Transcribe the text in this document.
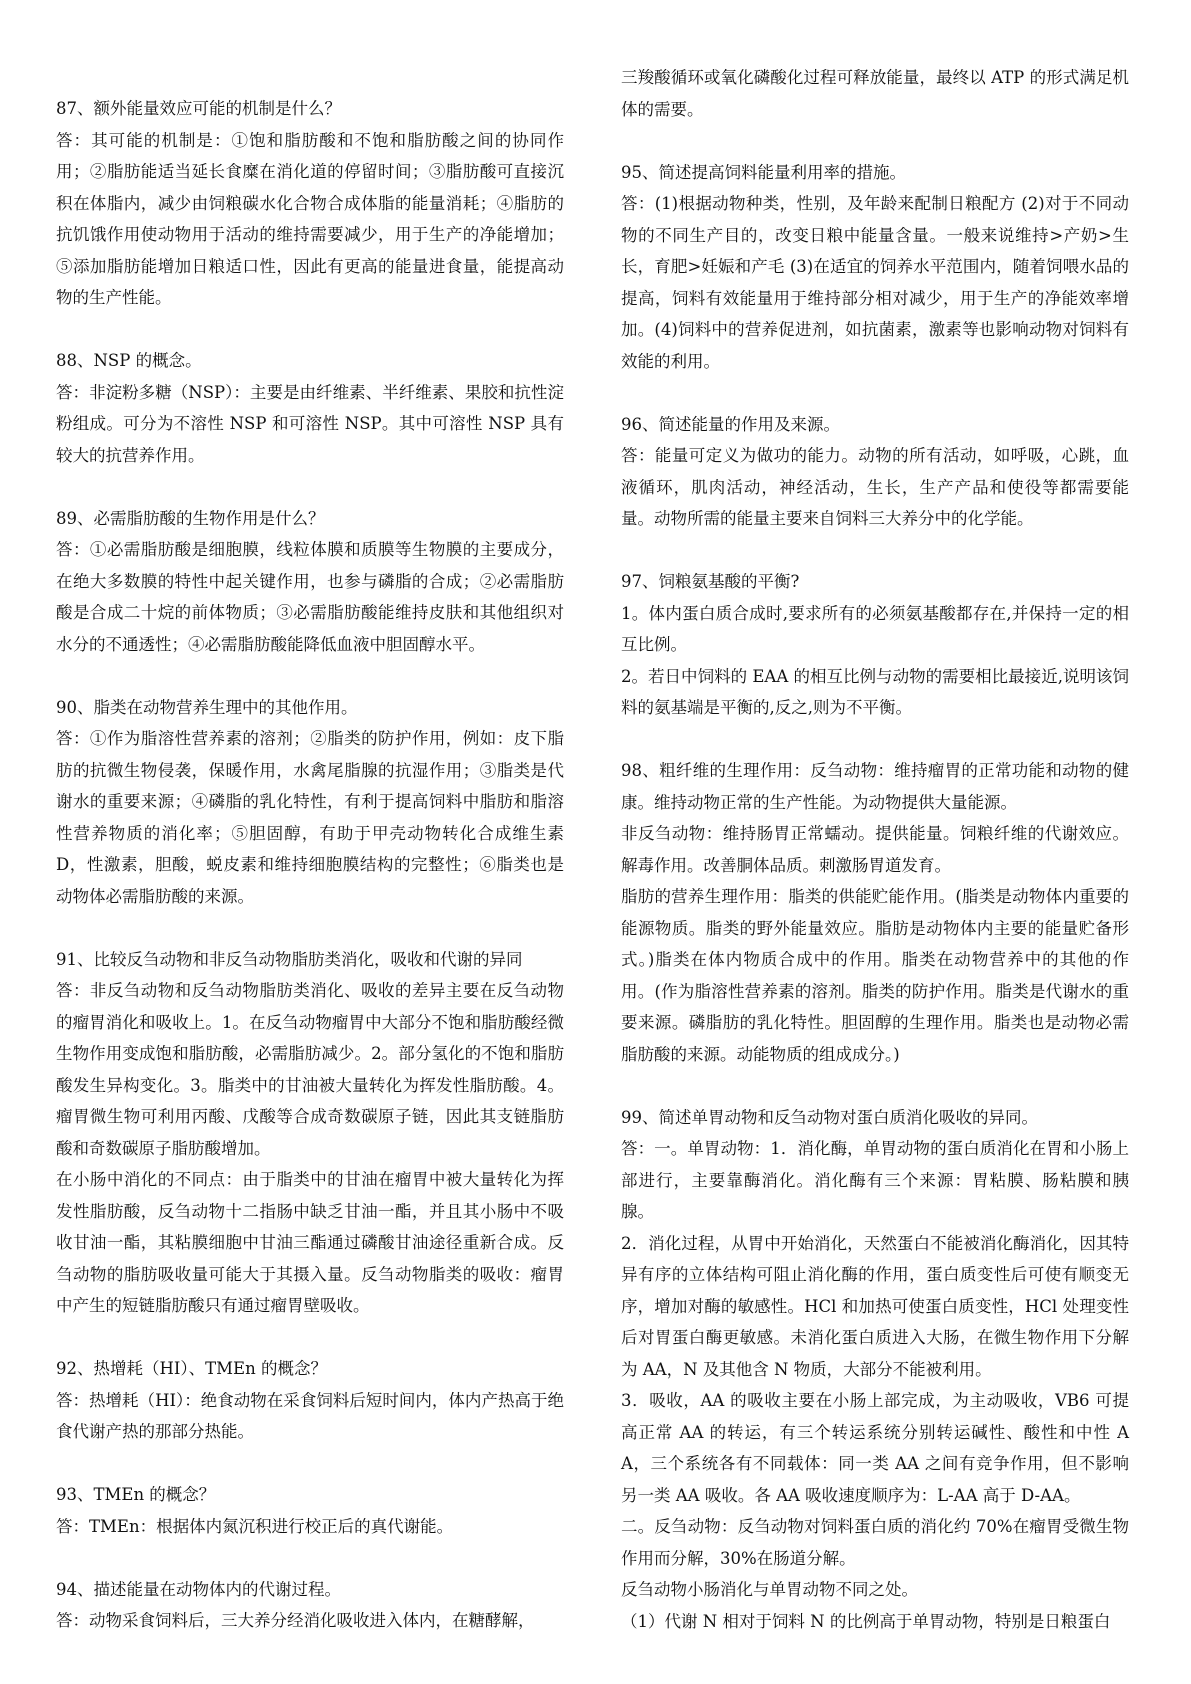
87、额外能量效应可能的机制是什么？

答：其可能的机制是：①饱和脂肪酸和不饱和脂肪酸之间的协同作用；②脂肪能适当延长食糜在消化道的停留时间；③脂肪酸可直接沉积在体脂内，减少由饲粮碳水化合物合成体脂的能量消耗；④脂肪的抗饥饿作用使动物用于活动的维持需要减少，用于生产的净能增加；⑤添加脂肪能增加日粮适口性，因此有更高的能量进食量，能提高动物的生产性能。

88、NSP 的概念。

答：非淀粉多糖（NSP）：主要是由纤维素、半纤维素、果胶和抗性淀粉组成。可分为不溶性 NSP 和可溶性 NSP。其中可溶性 NSP 具有较大的抗营养作用。

89、必需脂肪酸的生物作用是什么？

答：①必需脂肪酸是细胞膜，线粒体膜和质膜等生物膜的主要成分，在绝大多数膜的特性中起关键作用，也参与磷脂的合成；②必需脂肪酸是合成二十烷的前体物质；③必需脂肪酸能维持皮肤和其他组织对水分的不通透性；④必需脂肪酸能降低血液中胆固醇水平。

90、脂类在动物营养生理中的其他作用。

答：①作为脂溶性营养素的溶剂；②脂类的防护作用，例如：皮下脂肪的抗微生物侵袭，保暖作用，水禽尾脂腺的抗湿作用；③脂类是代谢水的重要来源；④磷脂的乳化特性，有利于提高饲料中脂肪和脂溶性营养物质的消化率；⑤胆固醇，有助于甲壳动物转化合成维生素 D，性激素，胆酸，蜕皮素和维持细胞膜结构的完整性；⑥脂类也是动物体必需脂肪酸的来源。

91、比较反刍动物和非反刍动物脂肪类消化，吸收和代谢的异同

答：非反刍动物和反刍动物脂肪类消化、吸收的差异主要在反刍动物的瘤胃消化和吸收上。1。在反刍动物瘤胃中大部分不饱和脂肪酸经微生物作用变成饱和脂肪酸，必需脂肪减少。2。部分氢化的不饱和脂肪酸发生异构变化。3。脂类中的甘油被大量转化为挥发性脂肪酸。4。瘤胃微生物可利用丙酸、戊酸等合成奇数碳原子链，因此其支链脂肪酸和奇数碳原子脂肪酸增加。

在小肠中消化的不同点：由于脂类中的甘油在瘤胃中被大量转化为挥发性脂肪酸，反刍动物十二指肠中缺乏甘油一酯，并且其小肠中不吸收甘油一酯，其粘膜细胞中甘油三酯通过磷酸甘油途径重新合成。反刍动物的脂肪吸收量可能大于其摄入量。反刍动物脂类的吸收：瘤胃中产生的短链脂肪酸只有通过瘤胃壁吸收。

92、热增耗（HI）、TMEn 的概念？

答：热增耗（HI）：绝食动物在采食饲料后短时间内，体内产热高于绝食代谢产热的那部分热能。

93、TMEn 的概念？

答：TMEn：根据体内氮沉积进行校正后的真代谢能。

94、描述能量在动物体内的代谢过程。

答：动物采食饲料后，三大养分经消化吸收进入体内，在糖酵解，

三羧酸循环或氧化磷酸化过程可释放能量，最终以 ATP 的形式满足机体的需要。

95、简述提高饲料能量利用率的措施。

答：(1)根据动物种类，性别，及年龄来配制日粮配方 (2)对于不同动物的不同生产目的，改变日粮中能量含量。一般来说维持>产奶>生长，育肥>妊娠和产毛 (3)在适宜的饲养水平范围内，随着饲喂水品的提高，饲料有效能量用于维持部分相对减少，用于生产的净能效率增加。(4)饲料中的营养促进剂，如抗菌素，激素等也影响动物对饲料有效能的利用。

96、简述能量的作用及来源。

答：能量可定义为做功的能力。动物的所有活动，如呼吸，心跳，血液循环，肌肉活动，神经活动，生长，生产产品和使役等都需要能量。动物所需的能量主要来自饲料三大养分中的化学能。

97、饲粮氨基酸的平衡?

1。体内蛋白质合成时,要求所有的必须氨基酸都存在,并保持一定的相互比例。

2。若日中饲料的 EAA 的相互比例与动物的需要相比最接近,说明该饲料的氨基端是平衡的,反之,则为不平衡。

98、粗纤维的生理作用：反刍动物：维持瘤胃的正常功能和动物的健康。维持动物正常的生产性能。为动物提供大量能源。

非反刍动物：维持肠胃正常蠕动。提供能量。饲粮纤维的代谢效应。解毒作用。改善胴体品质。刺激肠胃道发育。

脂肪的营养生理作用：脂类的供能贮能作用。(脂类是动物体内重要的能源物质。脂类的野外能量效应。脂肪是动物体内主要的能量贮备形式。)脂类在体内物质合成中的作用。脂类在动物营养中的其他的作用。(作为脂溶性营养素的溶剂。脂类的防护作用。脂类是代谢水的重要来源。磷脂肪的乳化特性。胆固醇的生理作用。脂类也是动物必需脂肪酸的来源。动能物质的组成成分。)

99、简述单胃动物和反刍动物对蛋白质消化吸收的异同。

答：一。单胃动物：1．消化酶，单胃动物的蛋白质消化在胃和小肠上部进行，主要靠酶消化。消化酶有三个来源：胃粘膜、肠粘膜和胰腺。

2．消化过程，从胃中开始消化，天然蛋白不能被消化酶消化，因其特异有序的立体结构可阻止消化酶的作用，蛋白质变性后可使有顺变无序，增加对酶的敏感性。HCl 和加热可使蛋白质变性，HCl 处理变性后对胃蛋白酶更敏感。未消化蛋白质进入大肠，在微生物作用下分解为 AA，N 及其他含 N 物质，大部分不能被利用。

3．吸收，AA 的吸收主要在小肠上部完成，为主动吸收，VB6 可提高正常 AA 的转运，有三个转运系统分别转运碱性、酸性和中性 AA，三个系统各有不同载体：同一类 AA 之间有竞争作用，但不影响另一类 AA 吸收。各 AA 吸收速度顺序为：L-AA 高于 D-AA。

二。反刍动物：反刍动物对饲料蛋白质的消化约 70%在瘤胃受微生物作用而分解，30%在肠道分解。

反刍动物小肠消化与单胃动物不同之处。

（1）代谢 N 相对于饲料 N 的比例高于单胃动物，特别是日粮蛋白
